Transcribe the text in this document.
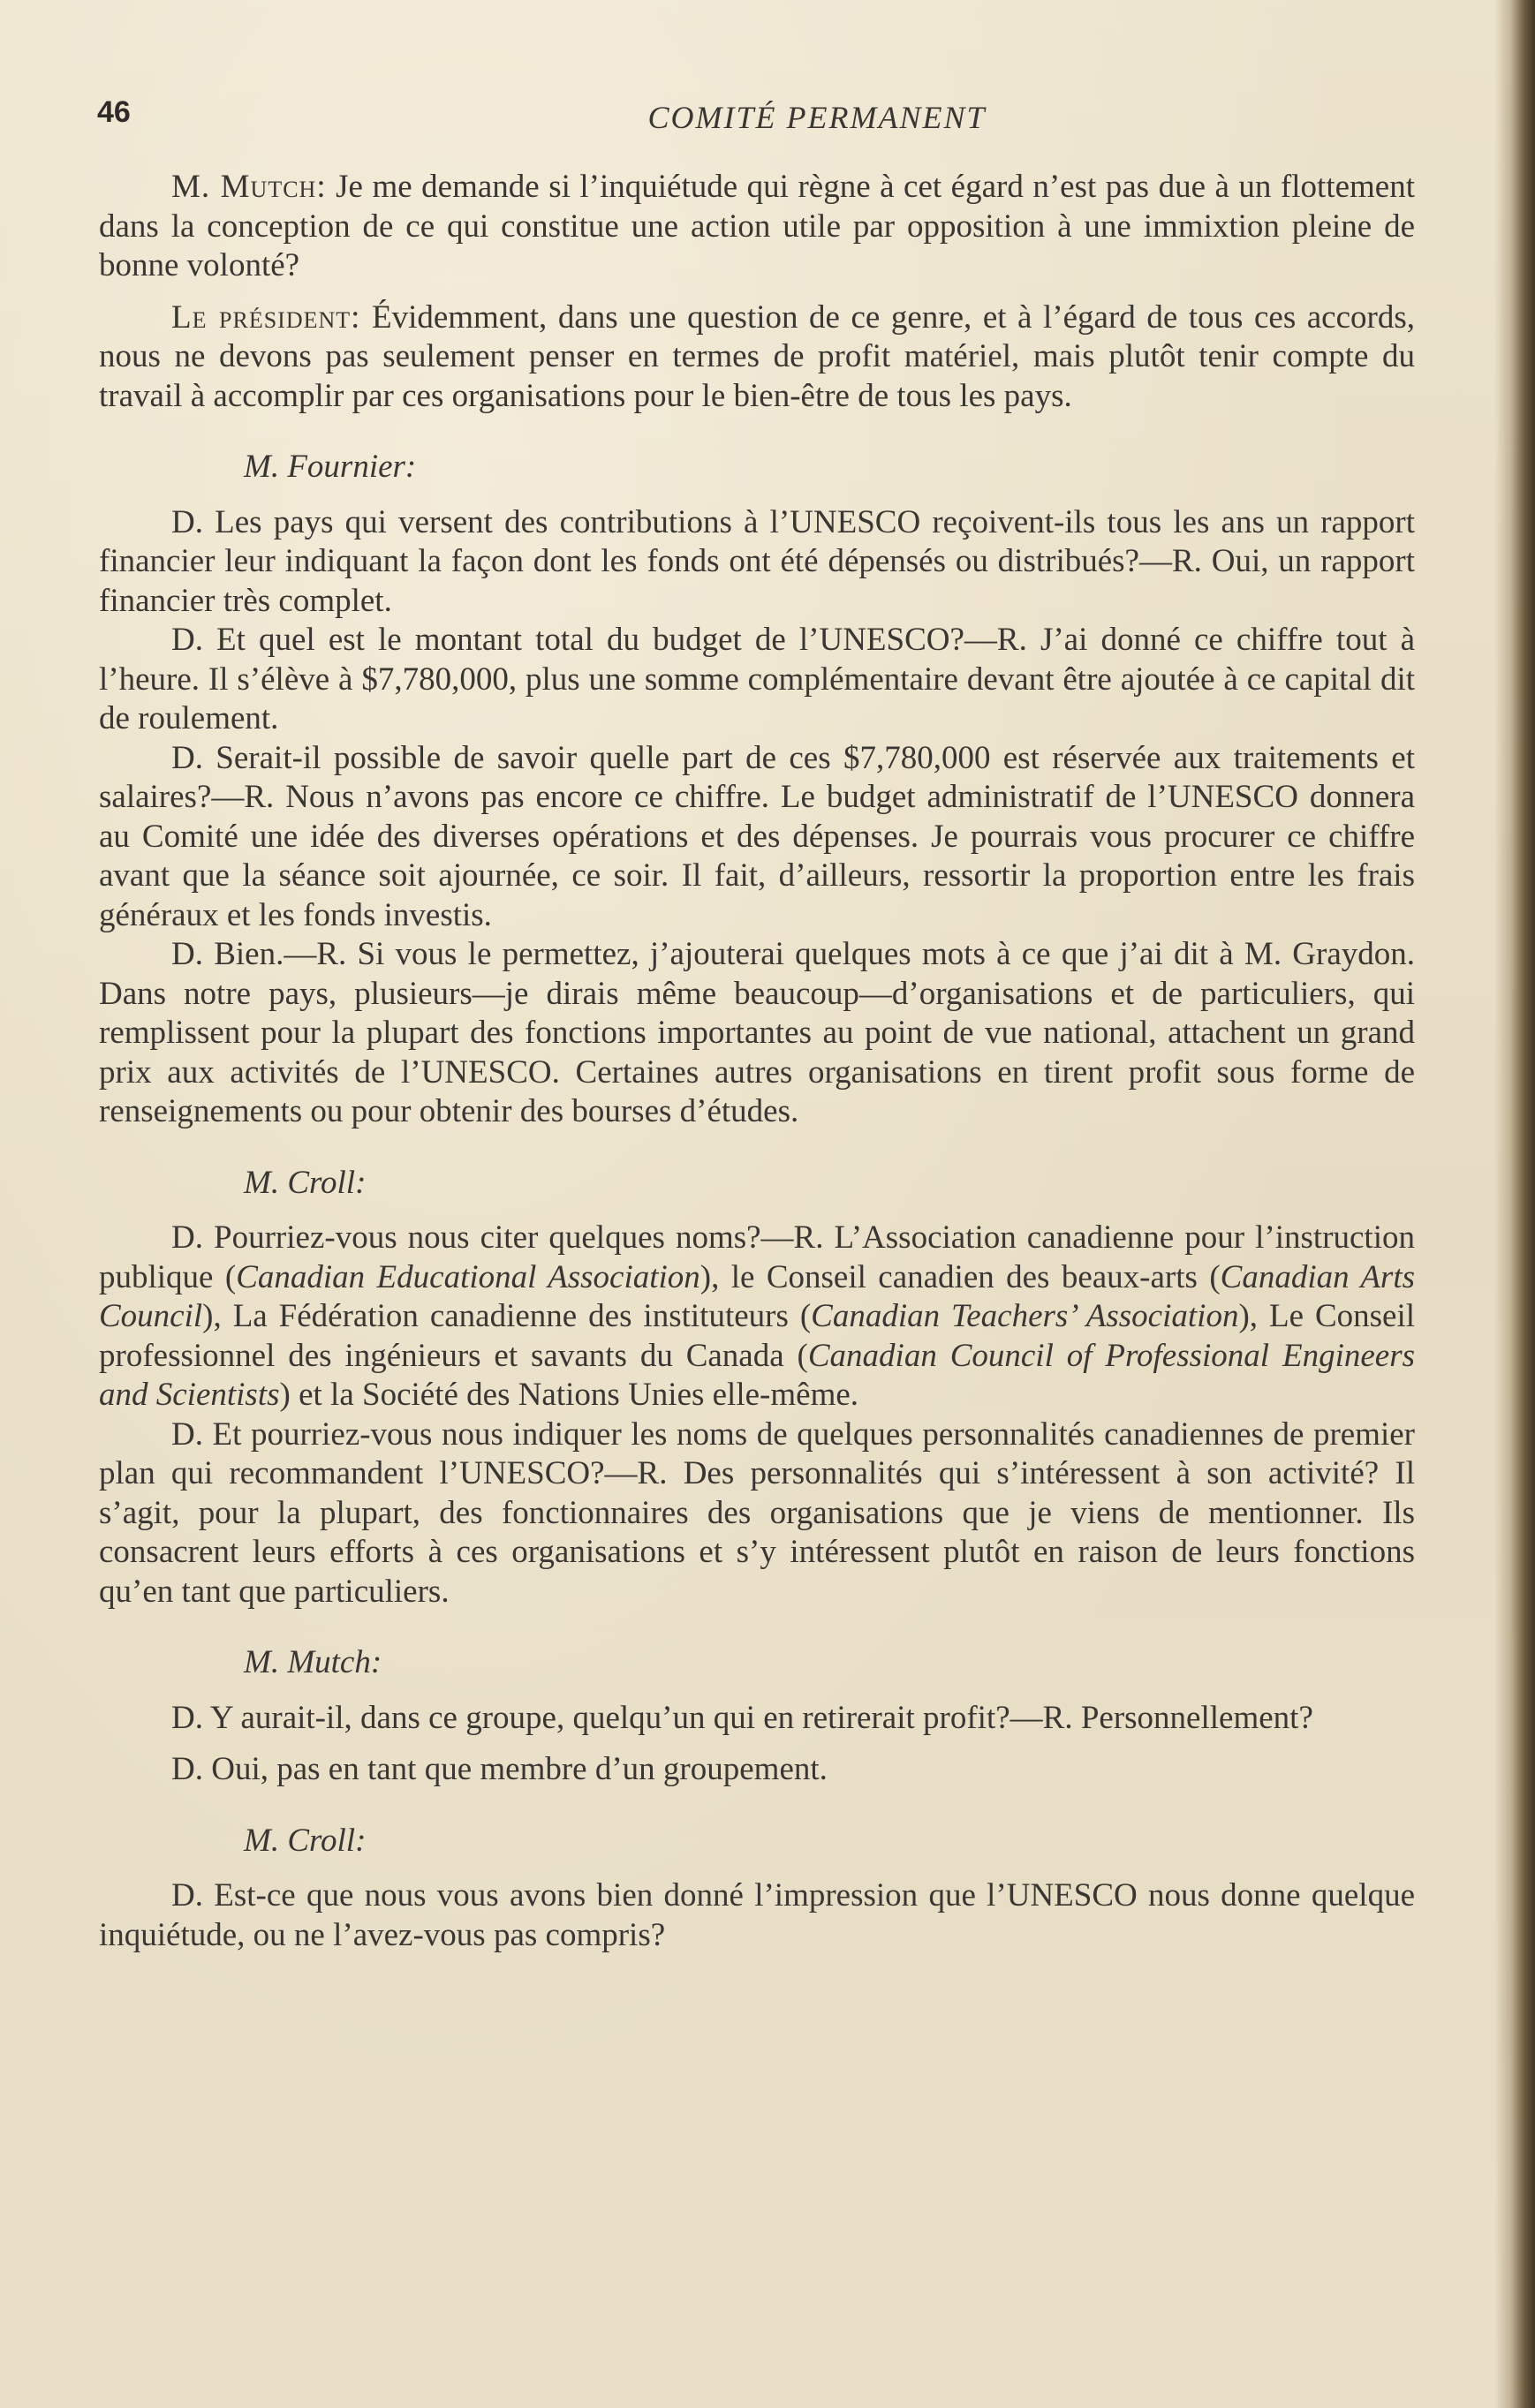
46	COMITÉ PERMANENT

M. Mutch: Je me demande si l’inquiétude qui règne à cet égard n’est pas due à un flottement dans la conception de ce qui constitue une action utile par opposition à une immixtion pleine de bonne volonté?

Le président: Évidemment, dans une question de ce genre, et à l’égard de tous ces accords, nous ne devons pas seulement penser en termes de profit matériel, mais plutôt tenir compte du travail à accomplir par ces organisations pour le bien-être de tous les pays.

M. Fournier:

D. Les pays qui versent des contributions à l’UNESCO reçoivent-ils tous les ans un rapport financier leur indiquant la façon dont les fonds ont été dépensés ou distribués?—R. Oui, un rapport financier très complet.

D. Et quel est le montant total du budget de l’UNESCO?—R. J’ai donné ce chiffre tout à l’heure. Il s’élève à $7,780,000, plus une somme complémentaire devant être ajoutée à ce capital dit de roulement.

D. Serait-il possible de savoir quelle part de ces $7,780,000 est réservée aux traitements et salaires?—R. Nous n’avons pas encore ce chiffre. Le budget administratif de l’UNESCO donnera au Comité une idée des diverses opérations et des dépenses. Je pourrais vous procurer ce chiffre avant que la séance soit ajournée, ce soir. Il fait, d’ailleurs, ressortir la proportion entre les frais généraux et les fonds investis.

D. Bien.—R. Si vous le permettez, j’ajouterai quelques mots à ce que j’ai dit à M. Graydon. Dans notre pays, plusieurs—je dirais même beaucoup—d’organisations et de particuliers, qui remplissent pour la plupart des fonctions importantes au point de vue national, attachent un grand prix aux activités de l’UNESCO. Certaines autres organisations en tirent profit sous forme de renseignements ou pour obtenir des bourses d’études.

M. Croll:

D. Pourriez-vous nous citer quelques noms?—R. L’Association canadienne pour l’instruction publique (Canadian Educational Association), le Conseil canadien des beaux-arts (Canadian Arts Council), La Fédération canadienne des instituteurs (Canadian Teachers’ Association), Le Conseil professionnel des ingénieurs et savants du Canada (Canadian Council of Professional Engineers and Scientists) et la Société des Nations Unies elle-même.

D. Et pourriez-vous nous indiquer les noms de quelques personnalités canadiennes de premier plan qui recommandent l’UNESCO?—R. Des personnalités qui s’intéressent à son activité? Il s’agit, pour la plupart, des fonctionnaires des organisations que je viens de mentionner. Ils consacrent leurs efforts à ces organisations et s’y intéressent plutôt en raison de leurs fonctions qu’en tant que particuliers.

M. Mutch:

D. Y aurait-il, dans ce groupe, quelqu’un qui en retirerait profit?—R. Personnellement?

D. Oui, pas en tant que membre d’un groupement.

M. Croll:

D. Est-ce que nous vous avons bien donné l’impression que l’UNESCO nous donne quelque inquiétude, ou ne l’avez-vous pas compris?
